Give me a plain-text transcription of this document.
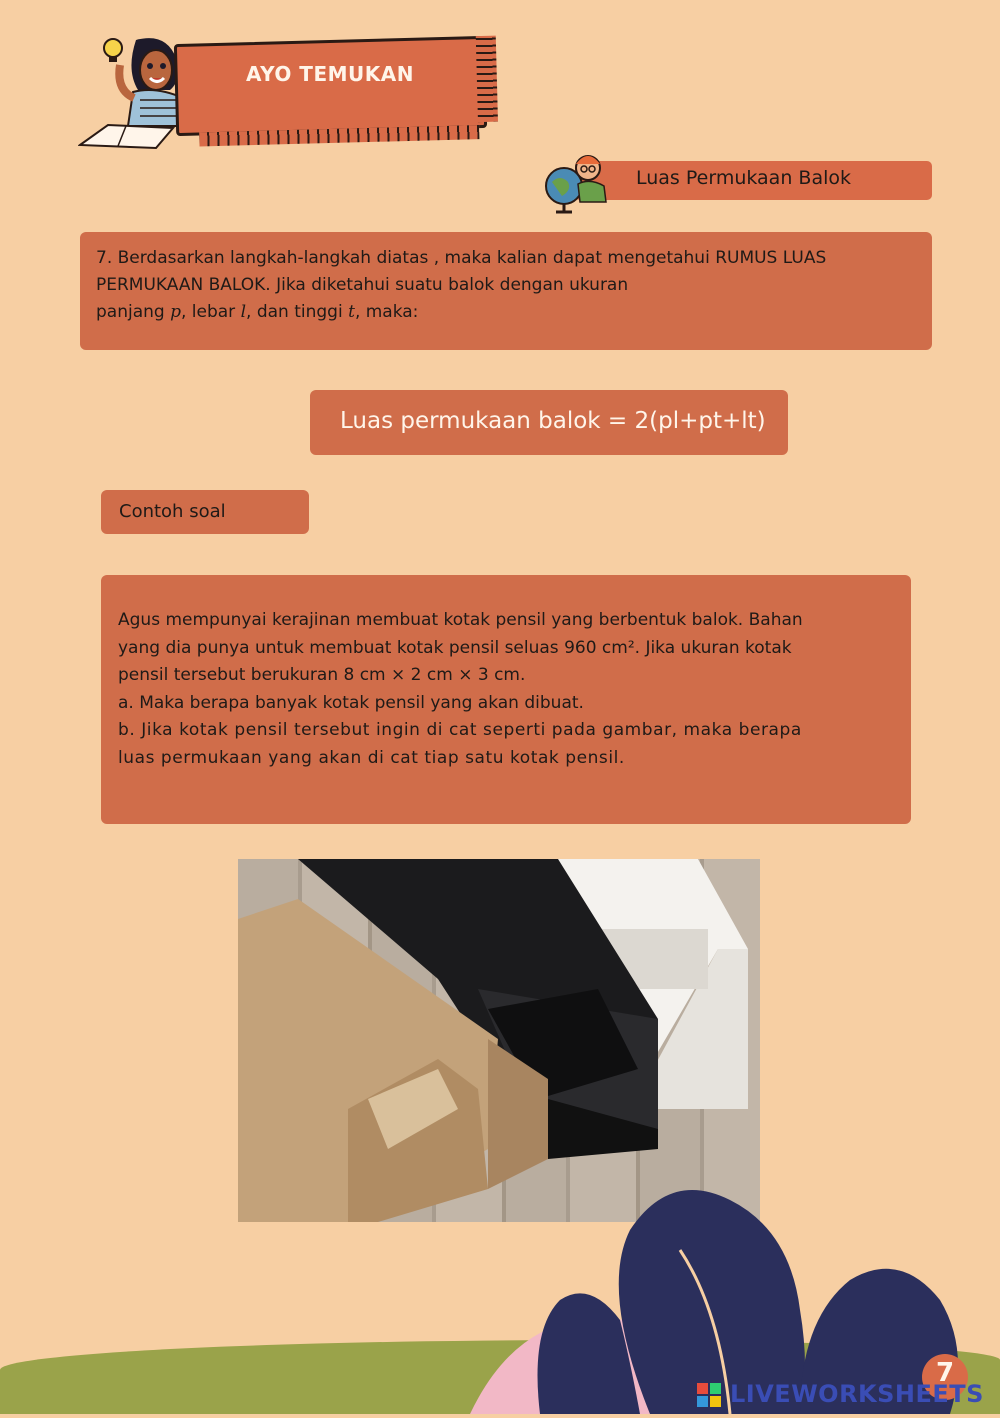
AYO TEMUKAN
Luas Permukaan Balok
7. Berdasarkan langkah-langkah diatas , maka kalian dapat mengetahui RUMUS LUAS
PERMUKAAN BALOK. Jika diketahui suatu balok dengan ukuran
panjang p, lebar l, dan tinggi t, maka:
Luas permukaan balok = 2(pl+pt+lt)
Contoh soal
Agus mempunyai kerajinan membuat kotak pensil yang berbentuk balok. Bahan
yang dia punya untuk membuat kotak pensil seluas 960 cm². Jika ukuran kotak
pensil tersebut berukuran 8 cm × 2 cm × 3 cm.
a. Maka berapa banyak kotak pensil yang akan dibuat.
b. Jika kotak pensil tersebut ingin di cat seperti pada gambar, maka berapa
luas permukaan yang akan di cat tiap satu kotak pensil.
7
LIVEWORKSHEETS
